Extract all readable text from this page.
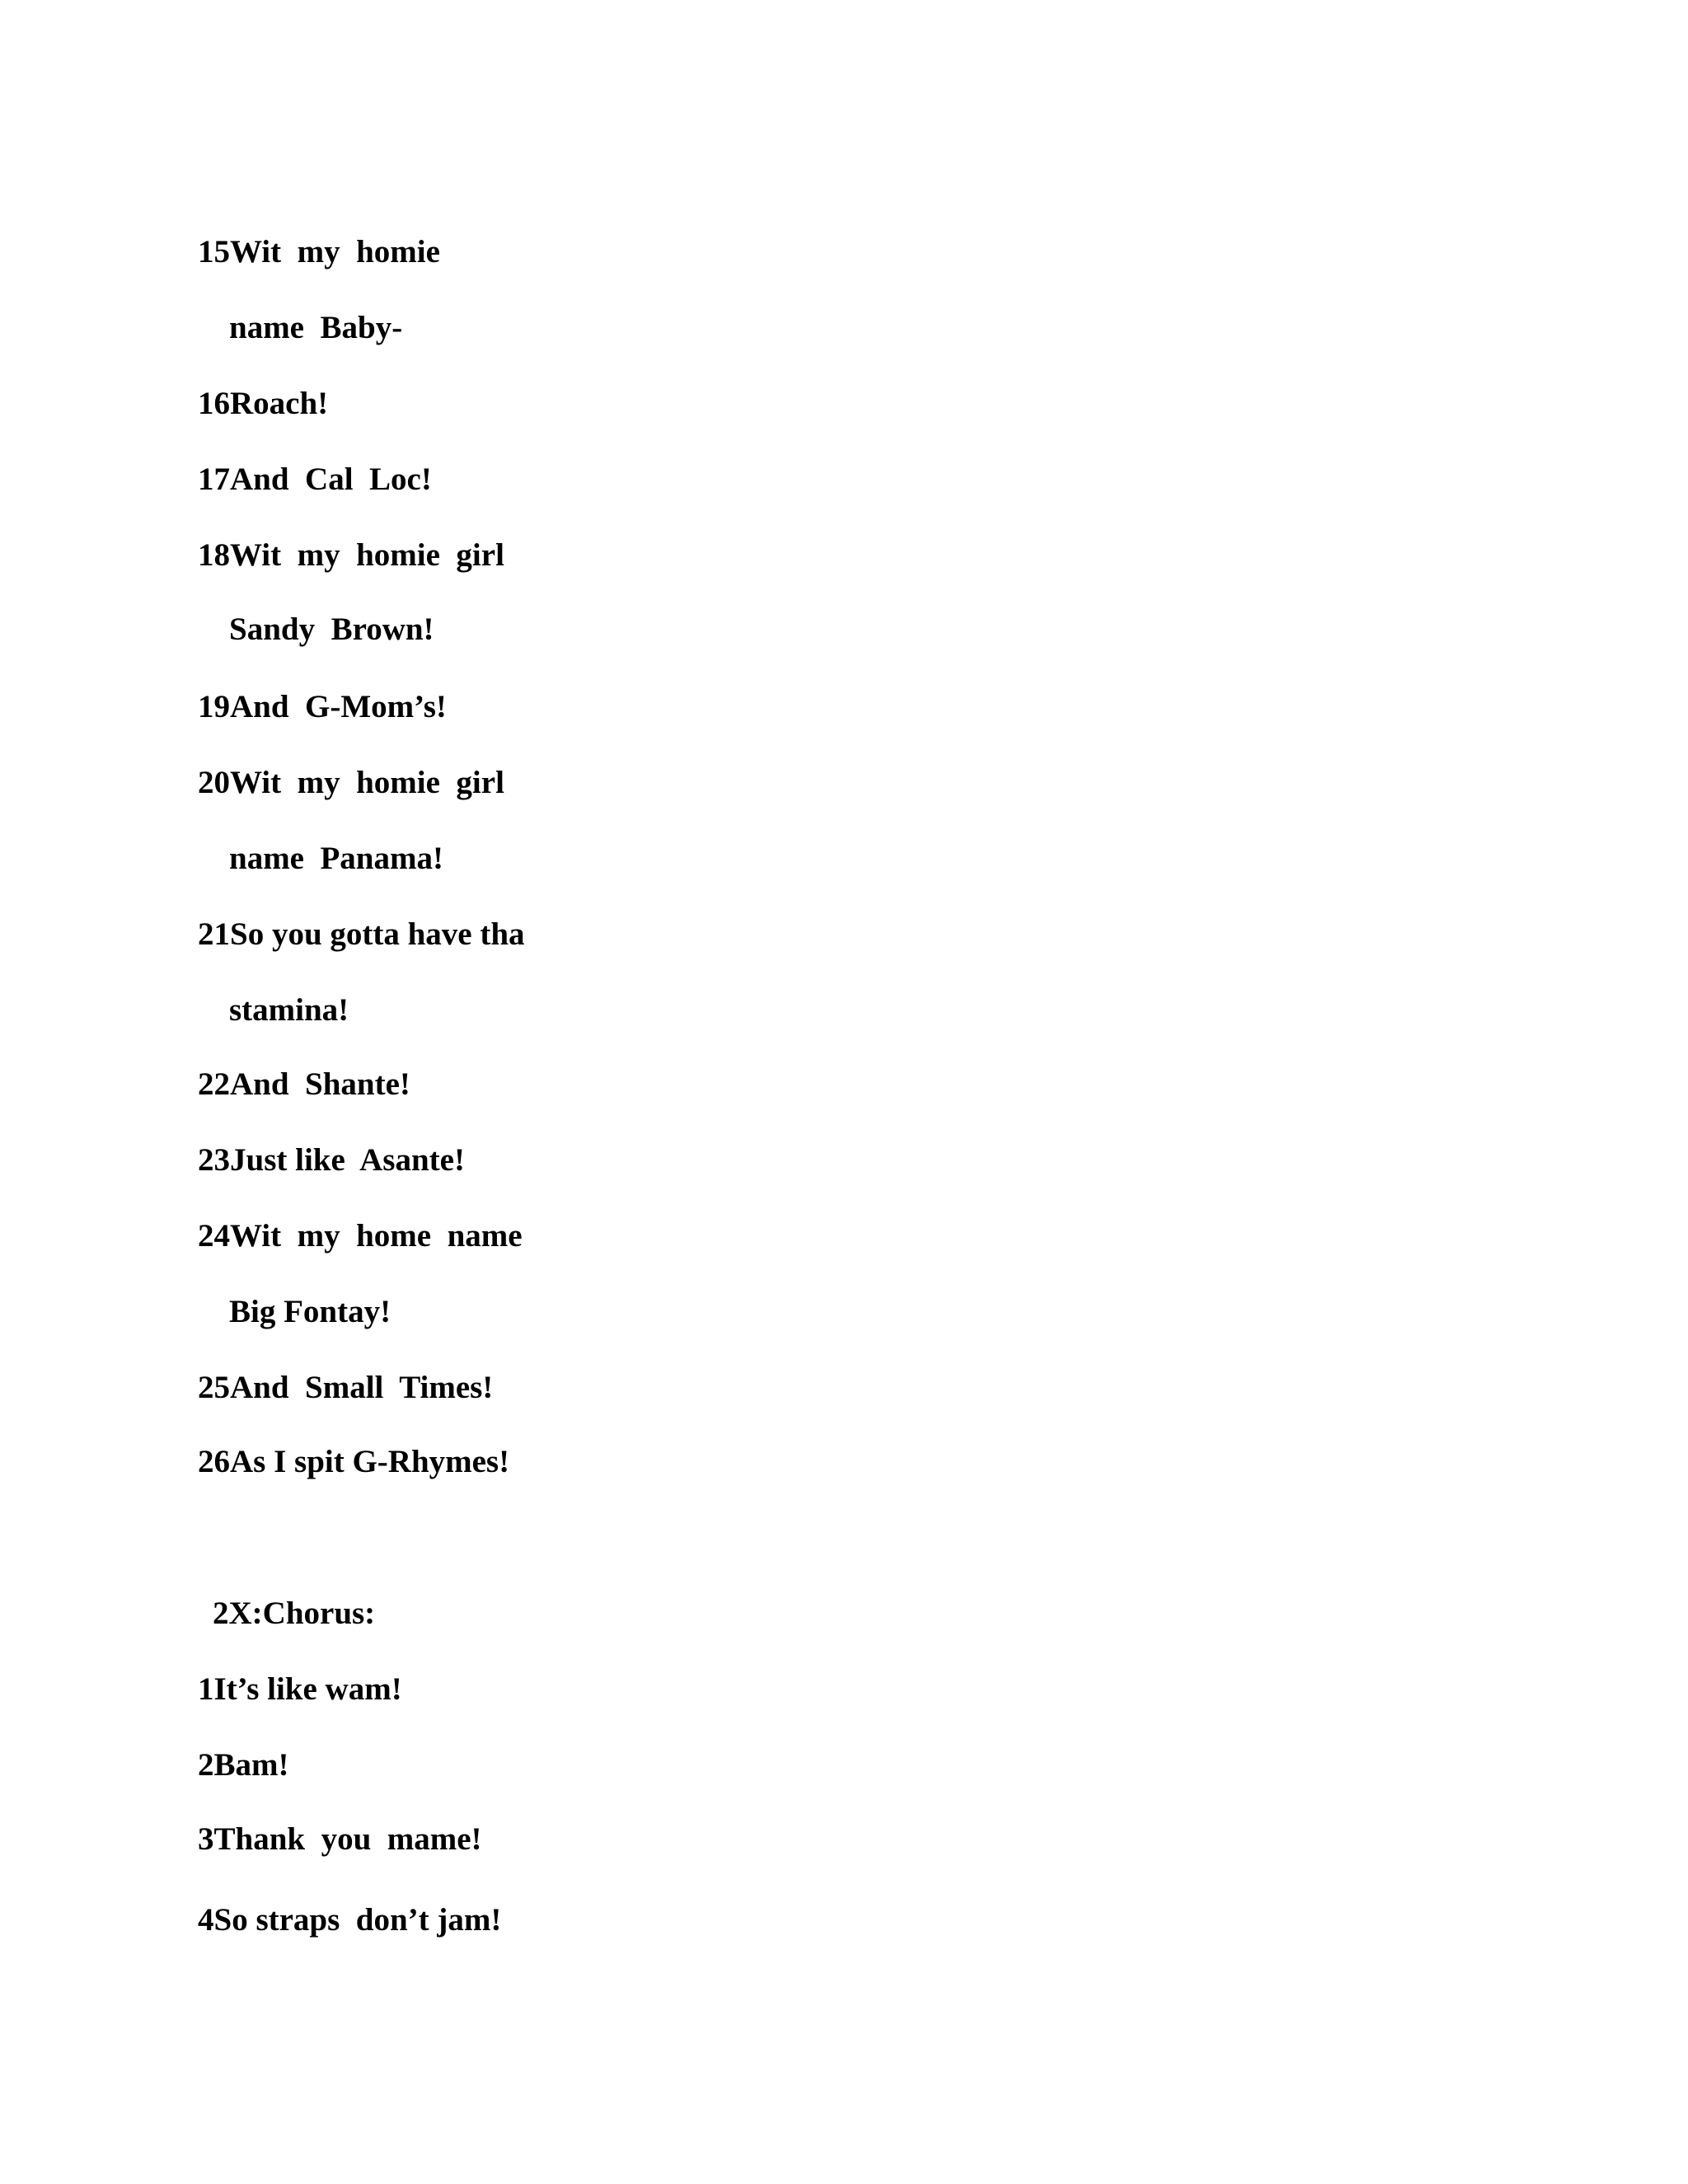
15Wit  my  homie
name  Baby-
16Roach!
17And  Cal  Loc!
18Wit  my  homie  girl
Sandy  Brown!
19And  G-Mom’s!
20Wit  my  homie  girl
name  Panama!
21So you gotta have tha
stamina!
22And  Shante!
23Just like  Asante!
24Wit  my  home  name
Big Fontay!
25And  Small  Times!
26As I spit G-Rhymes!
2X:Chorus:
1It’s like wam!
2Bam!
3Thank  you  mame!
4So straps  don’t jam!
